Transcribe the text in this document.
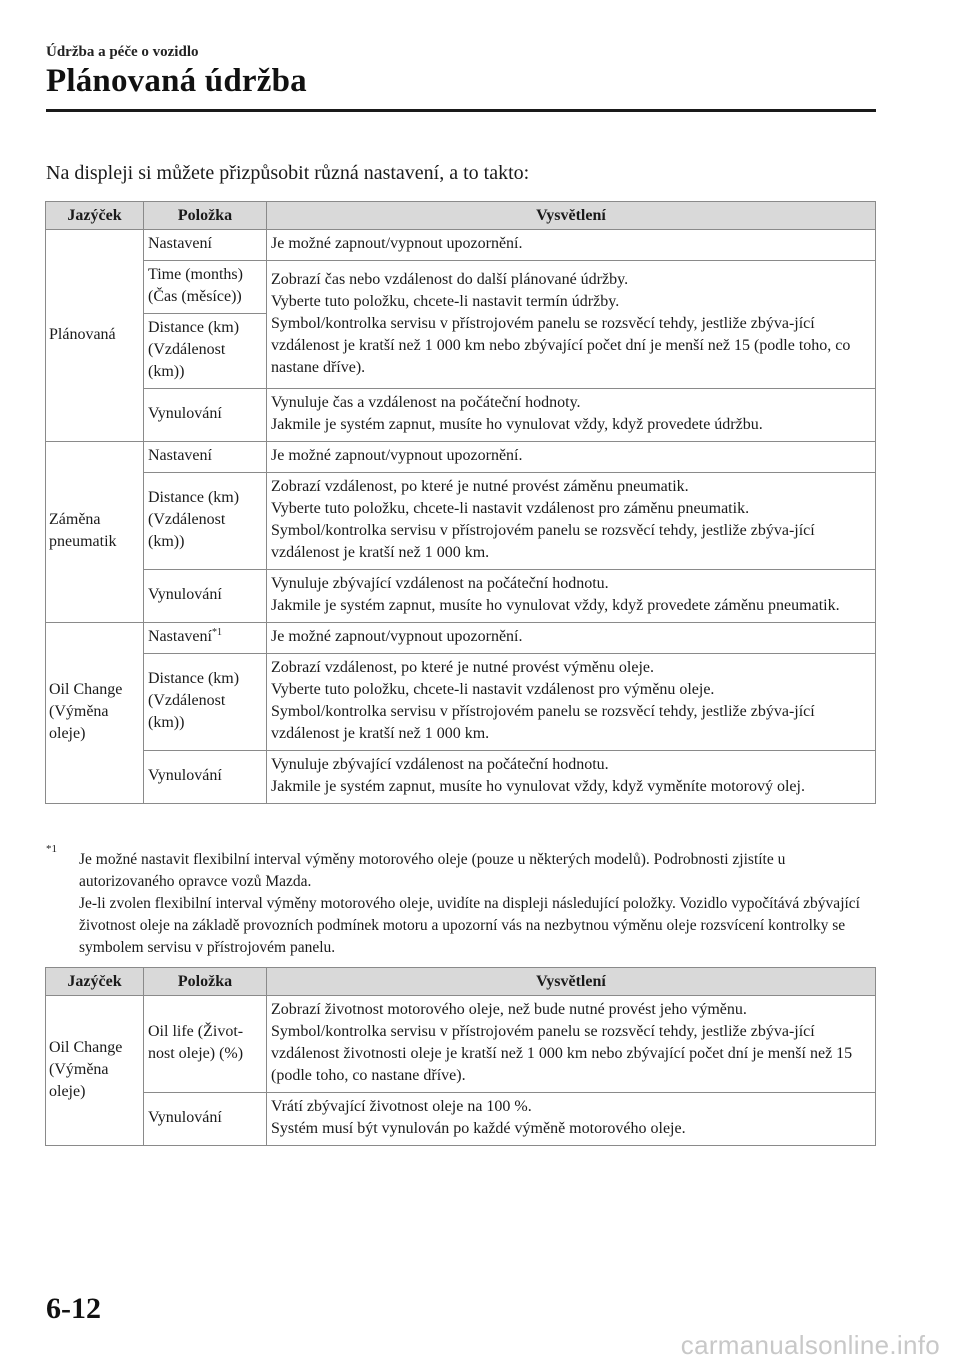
Údržba a péče o vozidlo
Plánovaná údržba
Na displeji si můžete přizpůsobit různá nastavení, a to takto:
Jazýček	Položka	Vysvětlení
Plánovaná	Nastavení	Je možné zapnout/vypnout upozornění.

	Time (months) (Čas (měsíce))	Zobrazí čas nebo vzdálenost do další plánované údržby.
Vyberte tuto položku, chcete-li nastavit termín údržby.
Symbol/kontrolka servisu v přístrojovém panelu se rozsvěcí tehdy, jestliže zbýva-jící vzdálenost je kratší než 1 000 km nebo zbývající počet dní je menší než 15 (podle toho, co nastane dříve).

	Distance (km) (Vzdálenost (km))	
	Vynulování	Vynuluje čas a vzdálenost na počáteční hodnoty.
Jakmile je systém zapnut, musíte ho vynulovat vždy, když provedete údržbu.

Záměna pneumatik	Nastavení	Je možné zapnout/vypnout upozornění.

	Distance (km) (Vzdálenost (km))	Zobrazí vzdálenost, po které je nutné provést záměnu pneumatik.
Vyberte tuto položku, chcete-li nastavit vzdálenost pro záměnu pneumatik.
Symbol/kontrolka servisu v přístrojovém panelu se rozsvěcí tehdy, jestliže zbýva-jící vzdálenost je kratší než 1 000 km.

	Vynulování	Vynuluje zbývající vzdálenost na počáteční hodnotu.
Jakmile je systém zapnut, musíte ho vynulovat vždy, když provedete záměnu pneumatik.

Oil Change (Výměna oleje)	Nastavení$^{*1}$	Je možné zapnout/vypnout upozornění.

	Distance (km) (Vzdálenost (km))	Zobrazí vzdálenost, po které je nutné provést výměnu oleje.
Vyberte tuto položku, chcete-li nastavit vzdálenost pro výměnu oleje.
Symbol/kontrolka servisu v přístrojovém panelu se rozsvěcí tehdy, jestliže zbýva-jící vzdálenost je kratší než 1 000 km.

	Vynulování	Vynuluje zbývající vzdálenost na počáteční hodnotu.
Jakmile je systém zapnut, musíte ho vynulovat vždy, když vyměníte motorový olej.
*1
Je možné nastavit flexibilní interval výměny motorového oleje (pouze u některých modelů). Podrobnosti zjistíte u autorizovaného opravce vozů Mazda.
Je-li zvolen flexibilní interval výměny motorového oleje, uvidíte na displeji následující položky. Vozidlo vypočítává zbývající životnost oleje na základě provozních podmínek motoru a upozorní vás na nezbytnou výměnu oleje rozsvícení kontrolky se symbolem servisu v přístrojovém panelu.
Jazýček	Položka	Vysvětlení
Oil Change (Výměna oleje)	Oil life (Život-nost oleje) (%)	Zobrazí životnost motorového oleje, než bude nutné provést jeho výměnu.
Symbol/kontrolka servisu v přístrojovém panelu se rozsvěcí tehdy, jestliže zbýva-jící vzdálenost životnosti oleje je kratší než 1 000 km nebo zbývající počet dní je menší než 15 (podle toho, co nastane dříve).

	Vynulování	Vrátí zbývající životnost oleje na 100 %.
Systém musí být vynulován po každé výměně motorového oleje.
6-12
carmanualsonline.info
